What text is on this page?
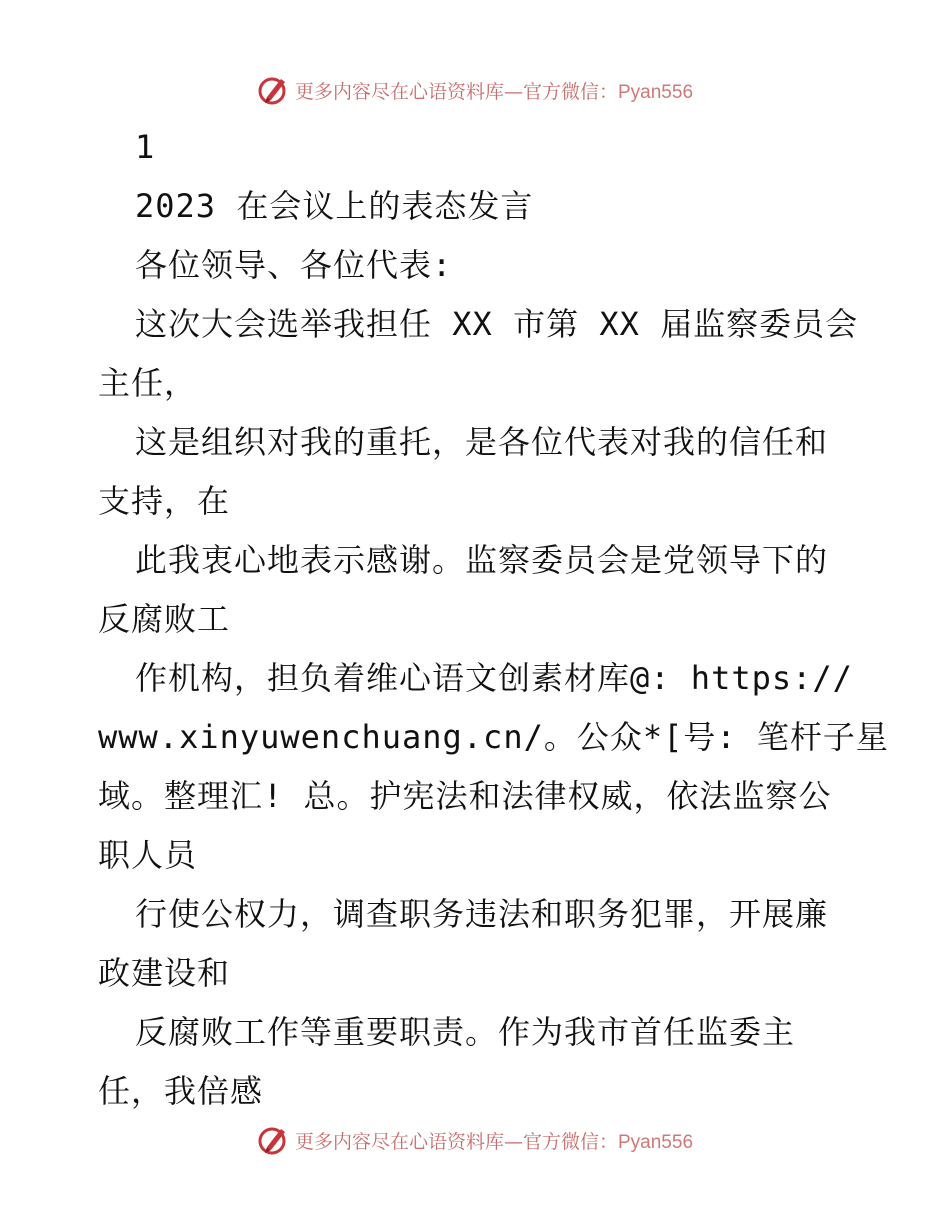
更多内容尽在心语资料库—官方微信：Pyan556
1
2023 在会议上的表态发言
各位领导、各位代表:
这次大会选举我担任 XX 市第 XX 届监察委员会
主任，
这是组织对我的重托，是各位代表对我的信任和
支持，在
此我衷心地表示感谢。监察委员会是党领导下的
反腐败工
作机构，担负着维心语文创素材库@: https://
www.xinyuwenchuang.cn/。公众*[号: 笔杆子星
域。整理汇! 总。护宪法和法律权威，依法监察公
职人员
行使公权力，调查职务违法和职务犯罪，开展廉
政建设和
反腐败工作等重要职责。作为我市首任监委主
任，我倍感
更多内容尽在心语资料库—官方微信：Pyan556
